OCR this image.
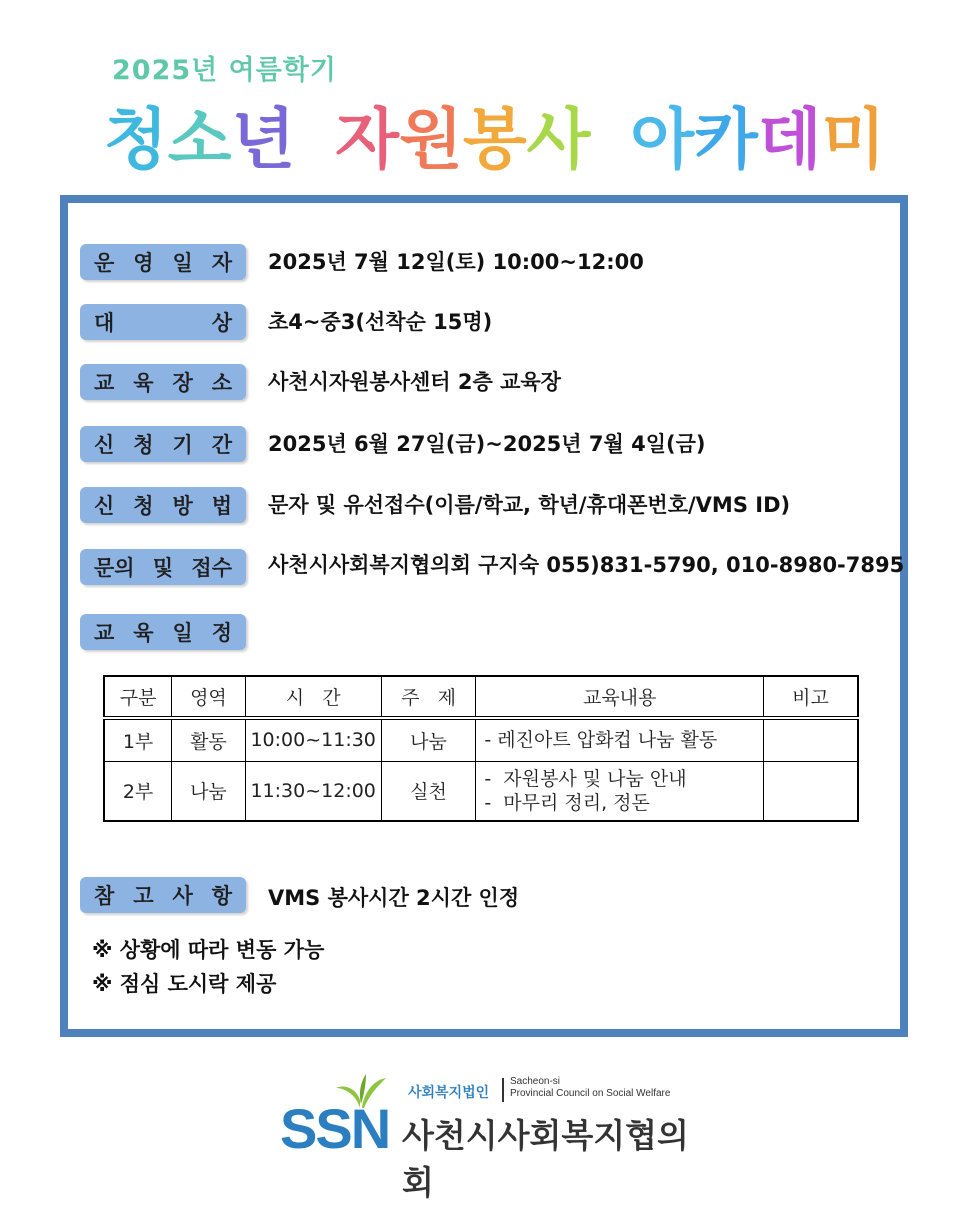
2025년 여름학기
청 소 년 자 원 봉 사 아 카 데 미
운 영 일 자 2025년 7월 12일(토) 10:00~12:00
대	상 초4~중3(선착순 15명)
교 육 장 소 사천시자원봉사센터 2층 교육장
신 청 기 간 2025년 6월 27일(금)~2025년 7월 4일(금)
신 청 방 법 문자 및 유선접수(이름/학교, 학년/휴대폰번호/VMS ID)
문의 및 접수 사천시사회복지협의회 구지숙 055)831-5790, 010-8980-7895
교 육 일 정
구분	영역	시   간	주   제	교육내용	비고
1부	활동	10:00~11:30	나눔	- 레진아트 압화컵 나눔 활동	

2부	나눔	11:30~12:00	실천	-  자원봉사 및 나눔 안내
-  마무리 정리, 정돈	

참 고 사 항 VMS 봉사시간 2시간 인정
※ 상황에 따라 변동 가능
※ 점심 도시락 제공
SSN
사회복지법인
Sacheon-si
Provincial Council on Social Welfare
사천시사회복지협의회
